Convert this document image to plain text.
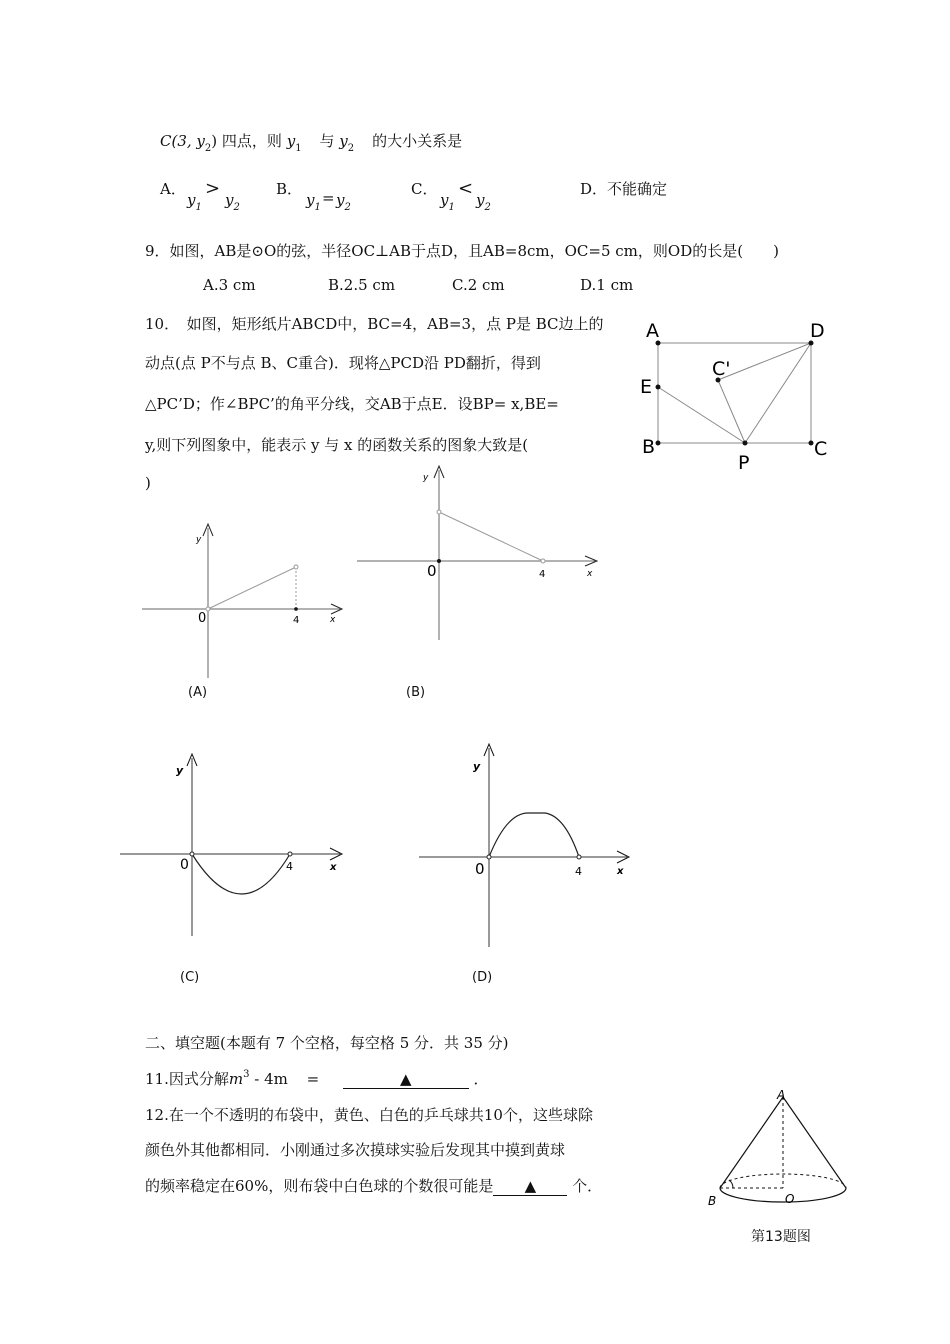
C(3, $y_2$) 四点，则 $y_1$ 与 $y_2$ 的大小关系是
A．
$y_1$
>
$y_2$
B．
$y_1$
= $y_2$
C．
$y_1$
<
$y_2$
D．不能确定
9．如图，AB是⊙O的弦，半径OC⊥AB于点D，且AB=8cm，OC=5 cm，则OD的长是(　　)
A.3 cm	B.2.5 cm	C.2 cm	D.1 cm
10．　如图，矩形纸片ABCD中，BC=4，AB=3，点 P是 BC边上的
动点(点 P不与点 B、C重合)．现将△PCD沿 PD翻折，得到
△PC’D；作∠BPC’的角平分线，交AB于点E．设BP= x,BE=
y,则下列图象中，能表示 y 与 x 的函数关系的图象大致是(
)
A	D
C'
E
B
P
C
y
x
0	4
(A)
y
x
0	4
(B)
y
x
0	4
(C)
y
x
0	4
(D)
二、填空题(本题有 7 个空格，每空格 5 分．共 35 分)
11.因式分解$m^3 - 4m$ =	▲	．
12.在一个不透明的布袋中，黄色、白色的乒乓球共10个，这些球除
颜色外其他都相同．小刚通过多次摸球实验后发现其中摸到黄球
的频率稳定在60%，则布袋中白色球的个数很可能是 ▲ 个．
A
B	O
第13题图
